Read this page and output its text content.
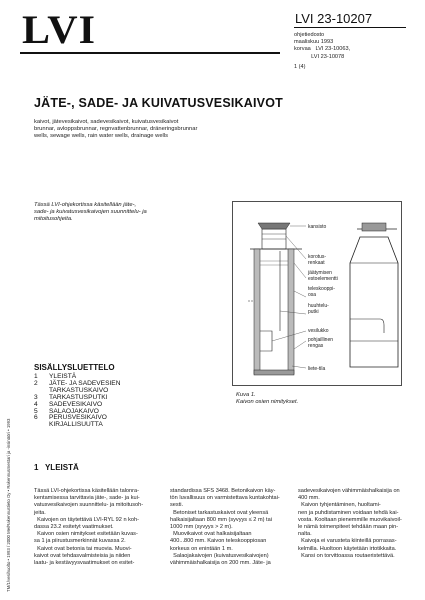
LVI	LVI 23-10207
ohjetiedosto
maaliskuu 1993
korvaa   LVI 23-10063,
LVI 23-10078
1 (4)
JÄTE-, SADE- JA KUIVATUSVESIKAIVOT
kaivot, jätevesikaivot, sadevesikaivot, kuivatusvesikaivot
brunnar, avloppsbrunnar, regnvattenbrunnar, dräneringsbrunnar
wells, sewage wells, rain water wells, drainage wells
Tässä LVI-ohjekortissa käsitellään jäte-,
sade- ja kuivatusvesikaivojen suunnittelu- ja
mitoitusohjeita.
kansisto
korotus-
renkaat
jäätymisen
estoelementti
teleskooppi-
osa
huuhtelu-
putki
vesilukko
pohjaillinen
rengas
liete-tila
Kuva 1.
Kaivon osien nimitykset.
SISÄLLYSLUETTELO
1	YLEISTÄ
2	JÄTE- JA SADEVESIEN
TARKASTUSKAIVO
3	TARKASTUSPUTKI
4	SADEVESIKAIVO
5	SALAOJAKAIVO
6	PERUSVESIKAIVO
KIRJALLISUUTTA
TM/1/vesihuolto • 1993 / 2000 Me/Rakennustieto Oy • Rakennusmestari ja -insinööri • 1993	1   YLEISTÄ
Tässä LVI-ohjekortissa käsitellään talonra-
kentamisessa tarvittavia jäte-, sade- ja kui-
vatusvesikaivojen suunnittelu- ja mitoitusoh-
jeita.
Kaivojen on täytettävä LVI-RYL 92 n koh-
dassa 23.2 esitetyt vaatimukset.
Kaivon osien nimitykset esitetään kuvas-
sa 1 ja piirustusmerkinnät kuvassa 2.
Kaivot ovat betonia tai muovia. Muovi-
kaivot ovat tehdasvalmisteisia ja niiden
laatu- ja kestävyysvaatimukset on esitet-
standardissa SFS 3468. Betonikaivon käy-
tön luvallisuus on varmistettava kuntakohtai-
sesti.
Betoniset tarkastuskaivot ovat yleensä
halkaisijaltaan 800 mm (syvyys ≤ 2 m) tai
1000 mm (syvyys > 2 m).
Muovikaivot ovat halkaisijaltaan
400...800 mm. Kaivon teleskooppiosan
korkeus on enintään 1 m.
Salaojakaivojen (kuivatusvesikaivojen)
vähimmäishalkaisija on 200 mm. Jäte- ja
sadevesikaivojen vähimmäishalkaisija on
400 mm.
Kaivon tyhjentäminen, huoltami-
nen ja puhdistaminen voidaan tehdä kai-
vosta. Kooltaan pienemmille muovikaivoil-
le nämä toimenpiteet tehdään maan pin-
nalta.
Kaivoja ei varusteta kiinteillä porrasas-
kelmilla. Huoltoon käytetään irtotikkaita.
Kansi on torvittoassa routaeristettävä.
